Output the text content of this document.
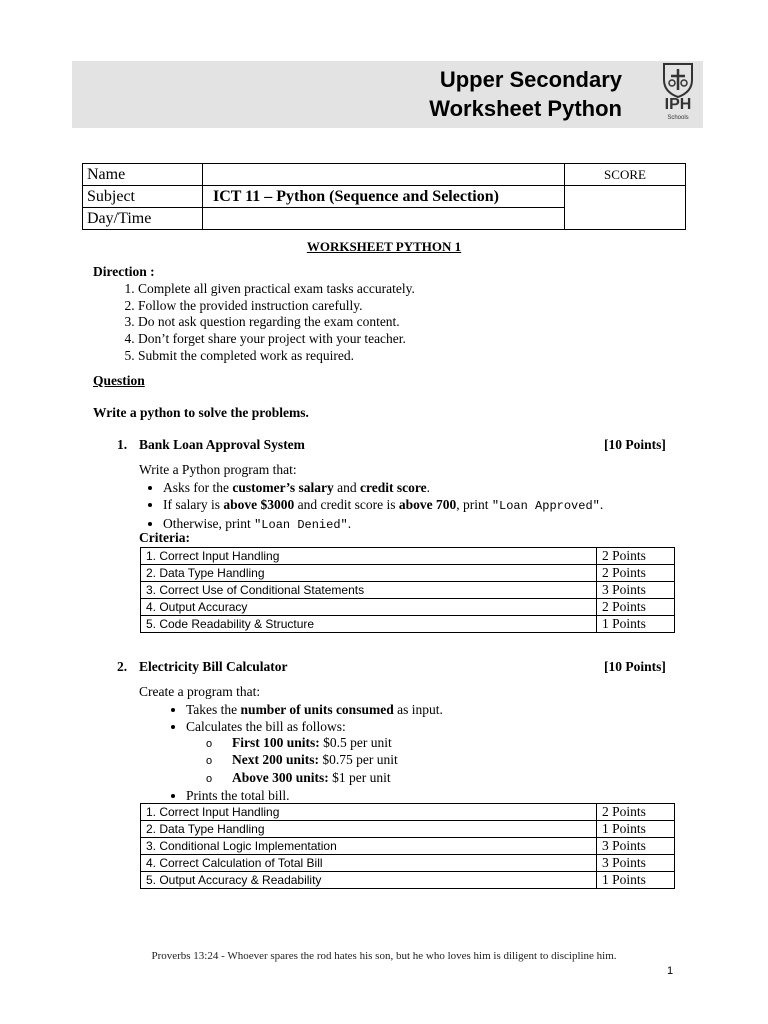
Upper Secondary
Worksheet Python	IPH
Schools
Name		SCORE
Subject	ICT 11 – Python (Sequence and Selection)	
Day/Time		
WORKSHEET PYTHON 1
Direction :
1. Complete all given practical exam tasks accurately.
2. Follow the provided instruction carefully.
3. Do not ask question regarding the exam content.
4. Don’t forget share your project with your teacher.
5. Submit the completed work as required.
Question
Write a python to solve the problems.
1. Bank Loan Approval System	[10 Points]
Write a Python program that:
• Asks for the customer’s salary and credit score.
• If salary is above $3000 and credit score is above 700, print "Loan Approved".
• Otherwise, print "Loan Denied".
Criteria:
1. Correct Input Handling	2 Points
2. Data Type Handling	2 Points
3. Correct Use of Conditional Statements	3 Points
4. Output Accuracy	2 Points
5. Code Readability & Structure	1 Points
2. Electricity Bill Calculator	[10 Points]
Create a program that:
• Takes the number of units consumed as input.
• Calculates the bill as follows:
o First 100 units: $0.5 per unit
o Next 200 units: $0.75 per unit
o Above 300 units: $1 per unit
• Prints the total bill.
1. Correct Input Handling	2 Points
2. Data Type Handling	1 Points
3. Conditional Logic Implementation	3 Points
4. Correct Calculation of Total Bill	3 Points
5. Output Accuracy & Readability	1 Points
Proverbs 13:24 - Whoever spares the rod hates his son, but he who loves him is diligent to discipline him.
1
